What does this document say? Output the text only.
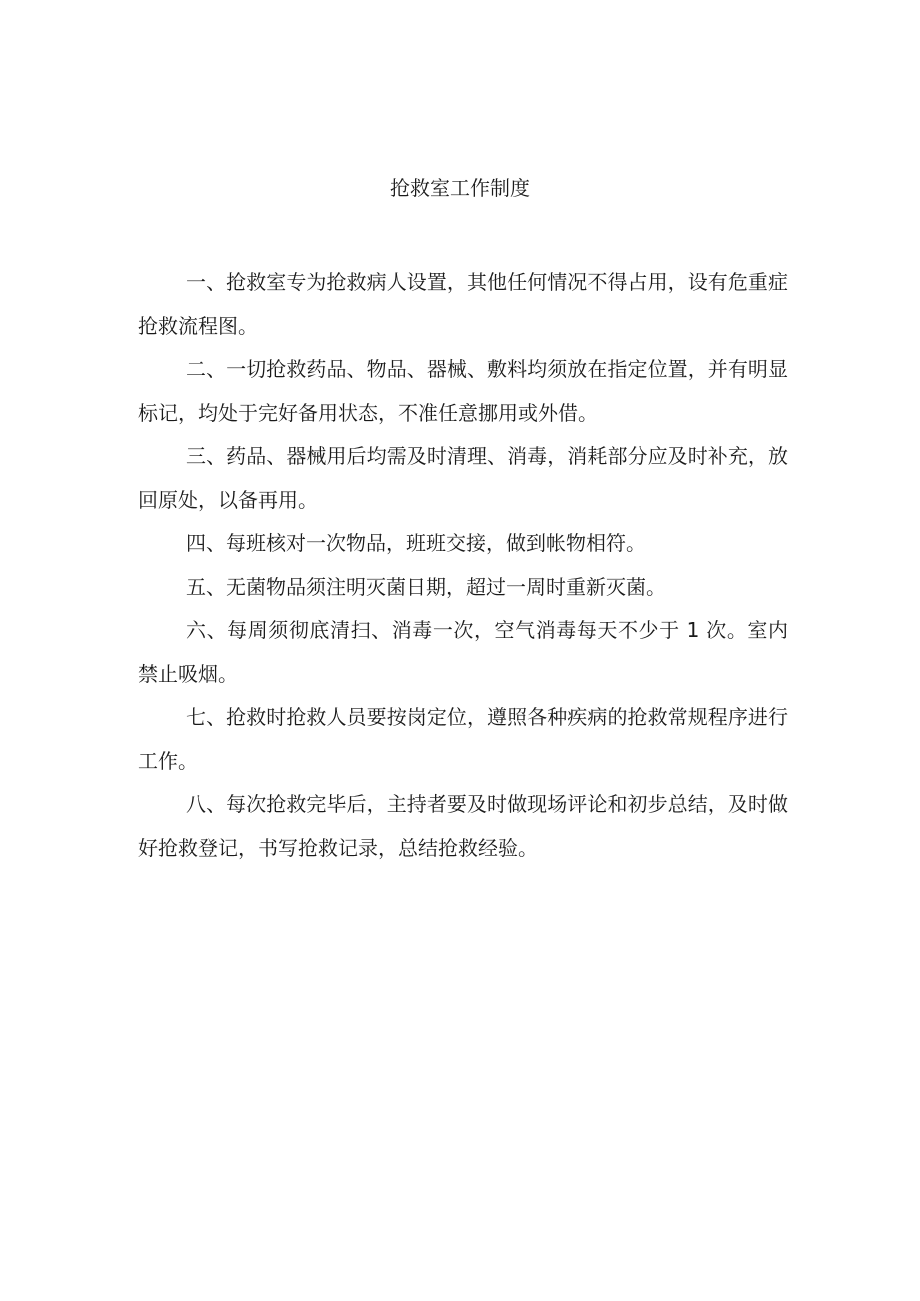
抢救室工作制度

一、抢救室专为抢救病人设置，其他任何情况不得占用，设有危重症抢救流程图。

二、一切抢救药品、物品、器械、敷料均须放在指定位置，并有明显标记，均处于完好备用状态，不准任意挪用或外借。

三、药品、器械用后均需及时清理、消毒，消耗部分应及时补充，放回原处，以备再用。

四、每班核对一次物品，班班交接，做到帐物相符。

五、无菌物品须注明灭菌日期，超过一周时重新灭菌。

六、每周须彻底清扫、消毒一次，空气消毒每天不少于 1 次。室内禁止吸烟。

七、抢救时抢救人员要按岗定位，遵照各种疾病的抢救常规程序进行工作。

八、每次抢救完毕后，主持者要及时做现场评论和初步总结，及时做好抢救登记，书写抢救记录，总结抢救经验。
